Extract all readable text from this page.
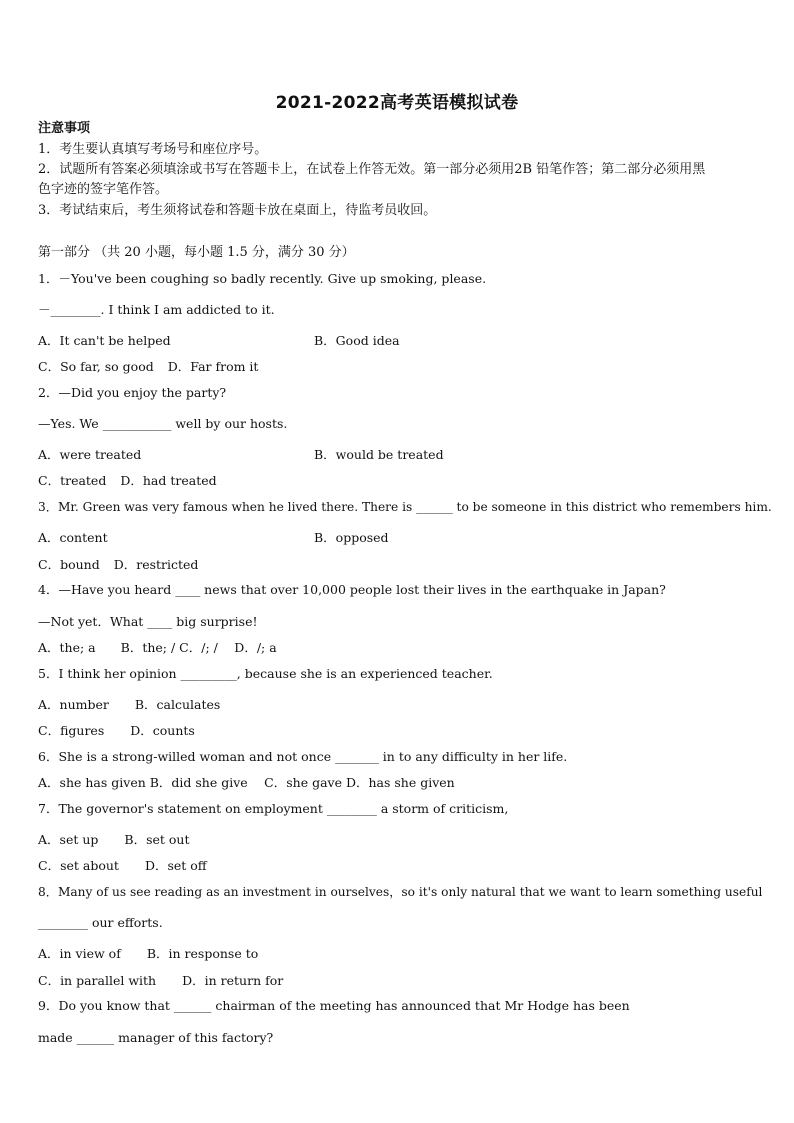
2021-2022高考英语模拟试卷
注意事项
1．考生要认真填写考场号和座位序号。
2．试题所有答案必须填涂或书写在答题卡上，在试卷上作答无效。第一部分必须用2B 铅笔作答；第二部分必须用黑
色字迹的签字笔作答。
3．考试结束后，考生须将试卷和答题卡放在桌面上，待监考员收回。
第一部分 （共 20 小题，每小题 1.5 分，满分 30 分）
1．－You've been coughing so badly recently. Give up smoking, please.
－________. I think I am addicted to it.
A．It can't be helped	B．Good idea
C．So far, so good D．Far from it
2．—Did you enjoy the party?
—Yes. We ___________ well by our hosts.
A．were treated	B．would be treated
C．treated D．had treated
3．Mr. Green was very famous when he lived there. There is ______ to be someone in this district who remembers him.
A．content	B．opposed
C．bound D．restricted
4．—Have you heard ____ news that over 10,000 people lost their lives in the earthquake in Japan?
—Not yet．What ____ big surprise!
A．the; a　　B．the; / C．/; /　 D．/; a
5．I think her opinion _________, because she is an experienced teacher.
A．number B．calculates
C．figures D．counts
6．She is a strong-willed woman and not once _______ in to any difficulty in her life.
A．she has given B．did she give　 C．she gave D．has she given
7．The governor's statement on employment ________ a storm of criticism,
A．set up B．set out
C．set about D．set off
8．Many of us see reading as an investment in ourselves，so it's only natural that we want to learn something useful
________ our efforts.
A．in view of B．in response to
C．in parallel with D．in return for
9．Do you know that ______ chairman of the meeting has announced that Mr Hodge has been
made ______ manager of this factory?
